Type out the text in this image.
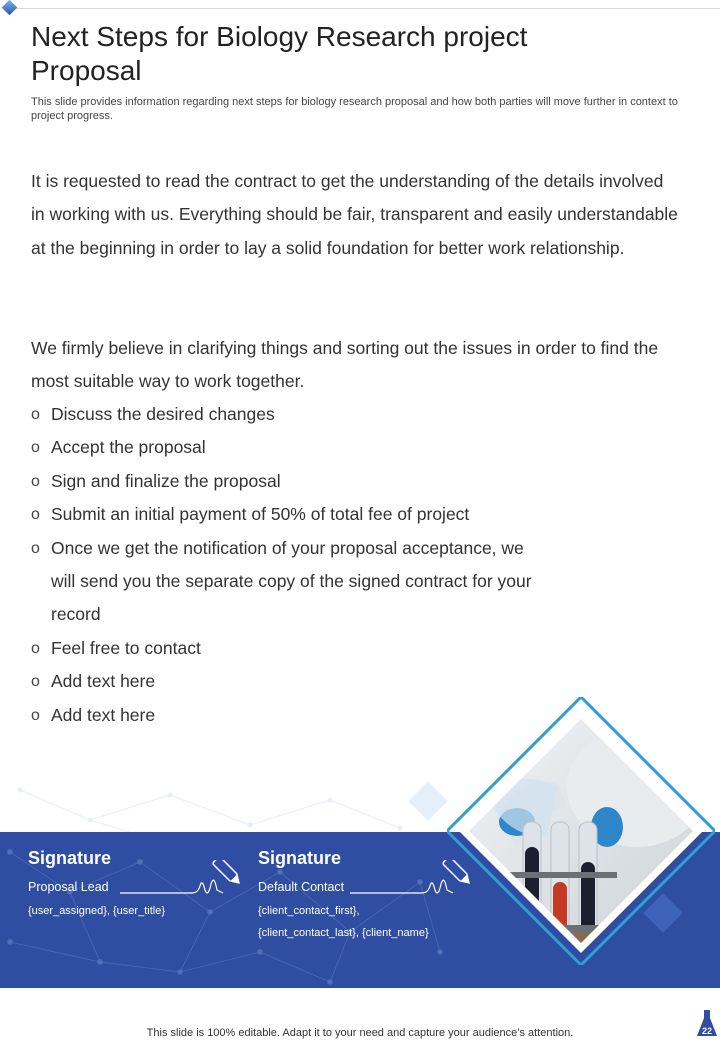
Next Steps for Biology Research project Proposal

This slide provides information regarding next steps for biology research proposal and how both parties will move further in context to project progress.

It is requested to read the contract to get the understanding of the details involved in working with us. Everything should be fair, transparent and easily understandable at the beginning in order to lay a solid foundation for better work relationship.

We firmly believe in clarifying things and sorting out the issues in order to find the most suitable way to work together.

o Discuss the desired changes
o Accept the proposal
o Sign and finalize the proposal
o Submit an initial payment of 50% of total fee of project
o Once we get the notification of your proposal acceptance, we will send you the separate copy of the signed contract for your record
o Feel free to contact
o Add text here
o Add text here
Signature
Proposal Lead
{user_assigned}, {user_title}
Signature
Default Contact
{client_contact_first},
{client_contact_last}, {client_name}

This slide is 100% editable. Adapt it to your need and capture your audience’s attention.	22
